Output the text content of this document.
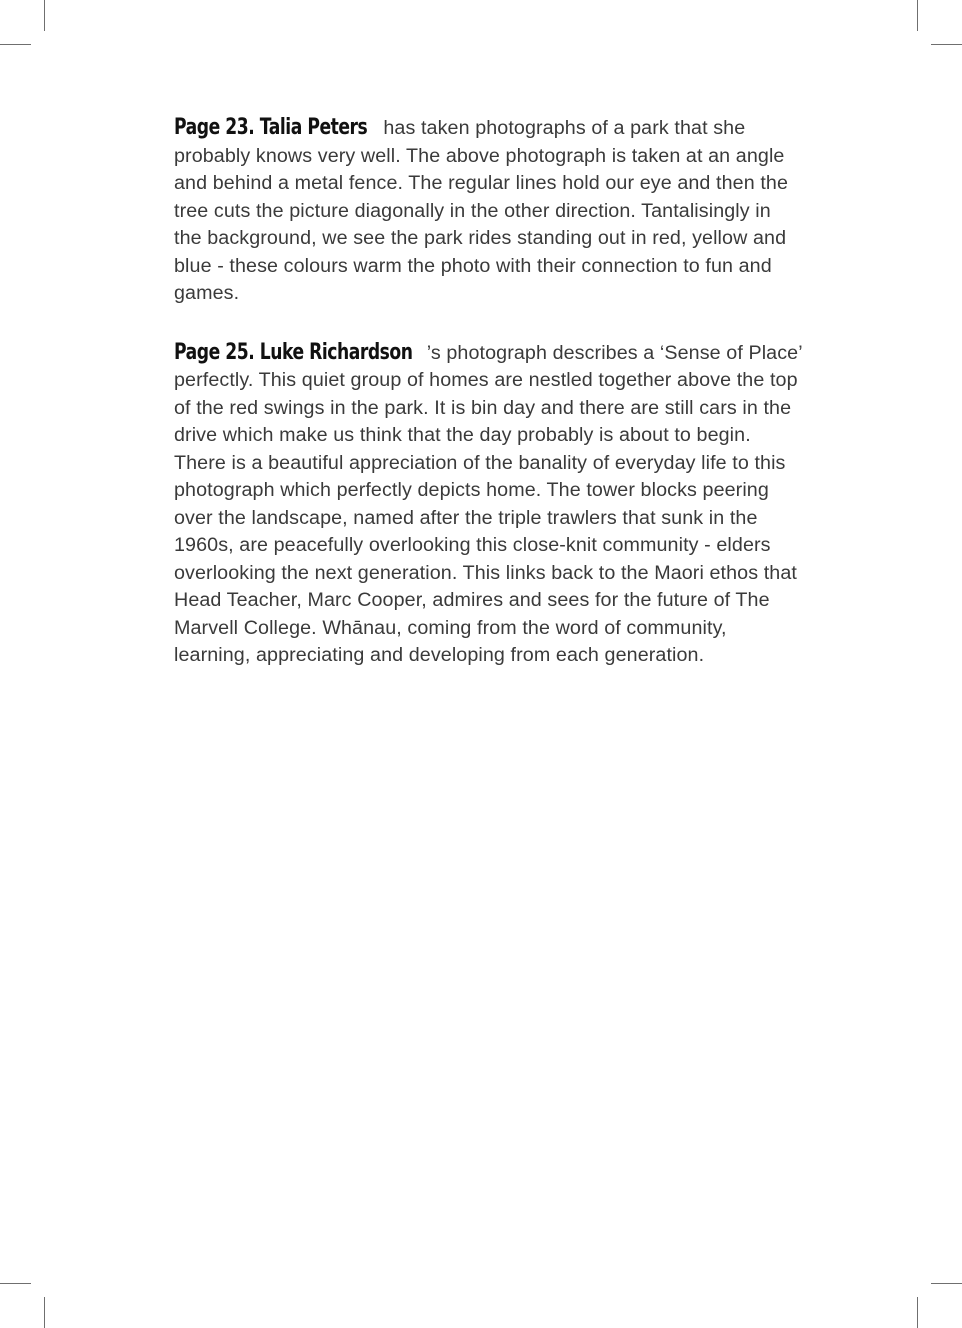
Page 23. Talia Peters has taken photographs of a park that she probably knows very well. The above photograph is taken at an angle and behind a metal fence. The regular lines hold our eye and then the tree cuts the picture diagonally in the other direction. Tantalisingly in the background, we see the park rides standing out in red, yellow and blue - these colours warm the photo with their connection to fun and games.

Page 25. Luke Richardson ’s photograph describes a ‘Sense of Place’ perfectly. This quiet group of homes are nestled together above the top of the red swings in the park. It is bin day and there are still cars in the drive which make us think that the day probably is about to begin. There is a beautiful appreciation of the banality of everyday life to this photograph which perfectly depicts home. The tower blocks peering over the landscape, named after the triple trawlers that sunk in the 1960s, are peacefully overlooking this close-knit community - elders overlooking the next generation. This links back to the Maori ethos that Head Teacher, Marc Cooper, admires and sees for the future of The Marvell College. Whānau, coming from the word of community, learning, appreciating and developing from each generation.
